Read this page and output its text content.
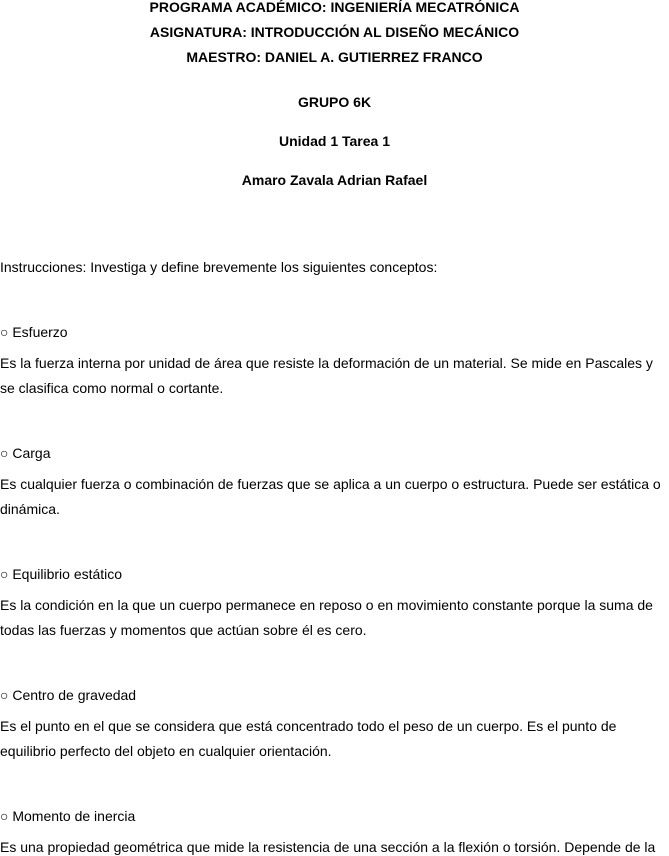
PROGRAMA ACADÉMICO: INGENIERÍA MECATRÓNICA
ASIGNATURA: INTRODUCCIÓN AL DISEÑO MECÁNICO
MAESTRO: DANIEL A. GUTIERREZ FRANCO
GRUPO 6K
Unidad 1 Tarea 1
Amaro Zavala Adrian Rafael
Instrucciones: Investiga y define brevemente los siguientes conceptos:
○ Esfuerzo
Es la fuerza interna por unidad de área que resiste la deformación de un material. Se mide en Pascales y se clasifica como normal o cortante.
○ Carga
Es cualquier fuerza o combinación de fuerzas que se aplica a un cuerpo o estructura. Puede ser estática o dinámica.
○ Equilibrio estático
Es la condición en la que un cuerpo permanece en reposo o en movimiento constante porque la suma de todas las fuerzas y momentos que actúan sobre él es cero.
○ Centro de gravedad
Es el punto en el que se considera que está concentrado todo el peso de un cuerpo. Es el punto de equilibrio perfecto del objeto en cualquier orientación.
○ Momento de inercia
Es una propiedad geométrica que mide la resistencia de una sección a la flexión o torsión. Depende de la
